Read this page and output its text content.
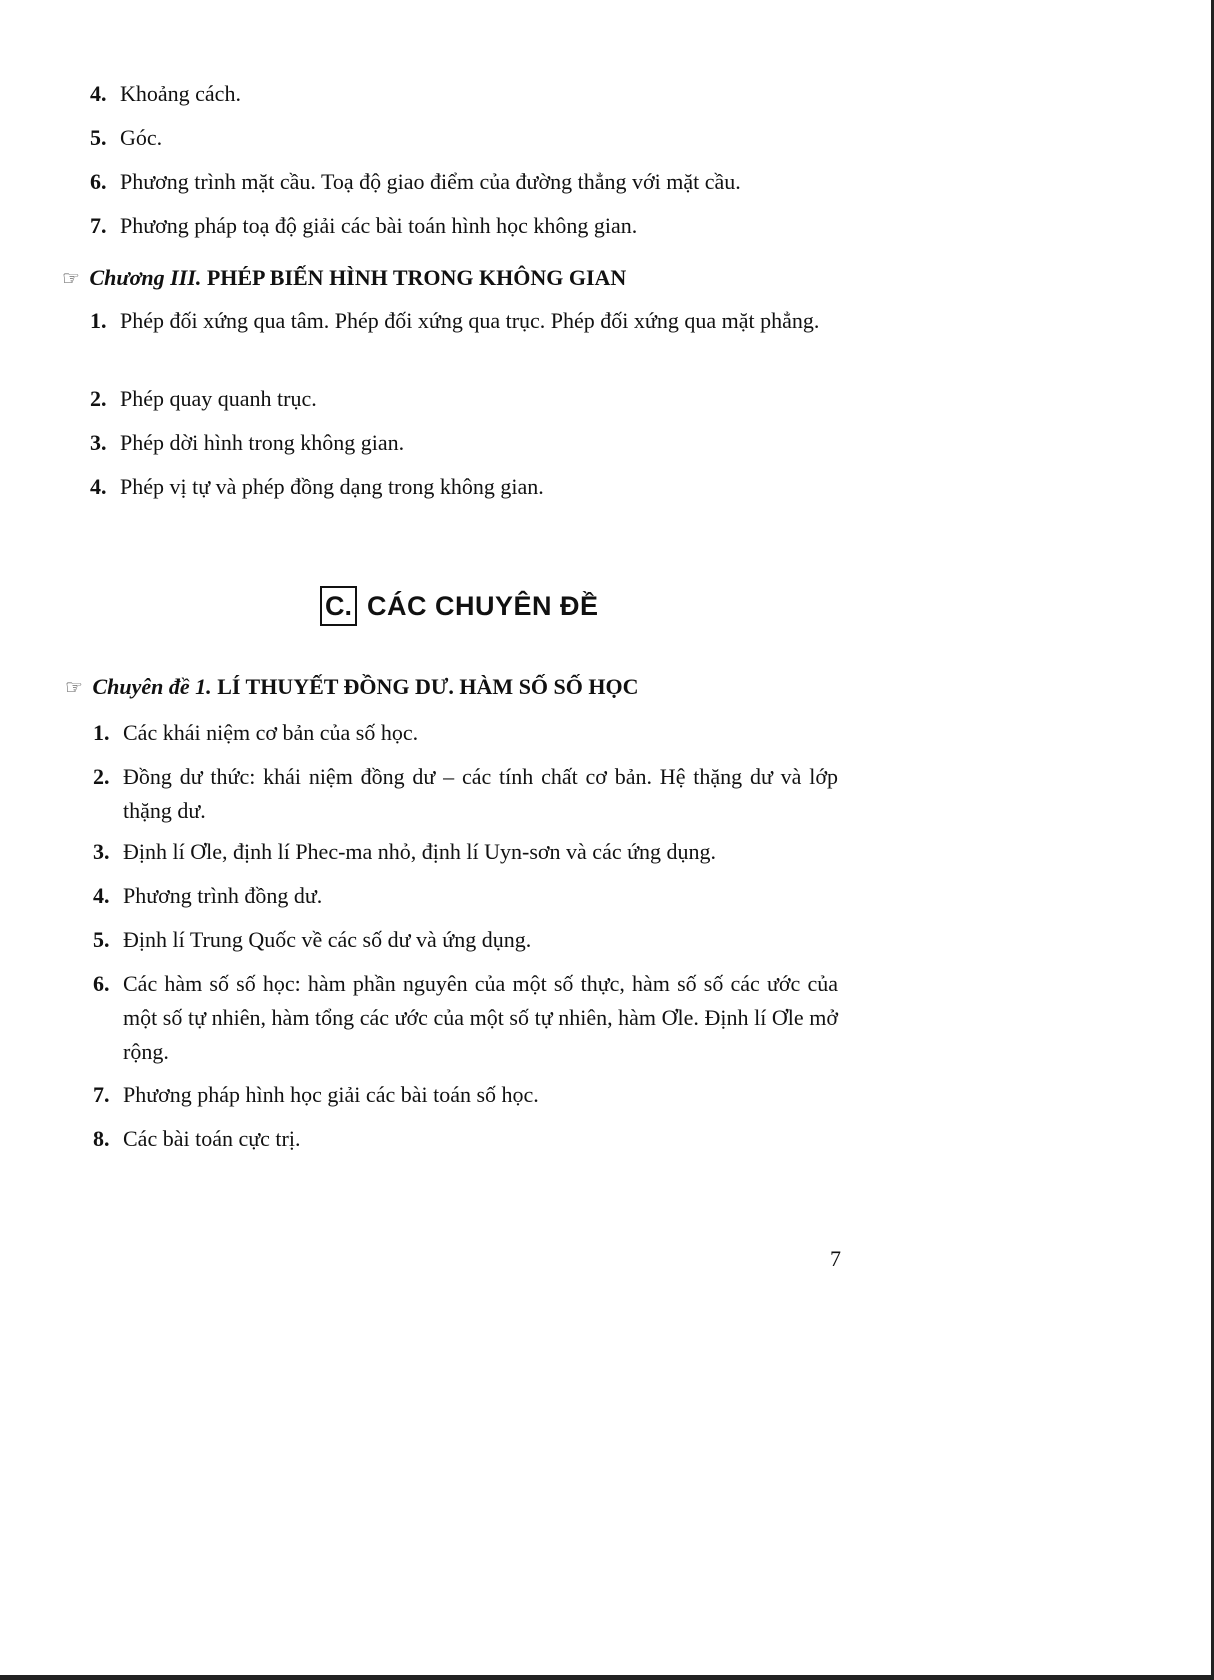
4. Khoảng cách.
5. Góc.
6. Phương trình mặt cầu. Toạ độ giao điểm của đường thẳng với mặt cầu.
7. Phương pháp toạ độ giải các bài toán hình học không gian.
☞ Chương III. PHÉP BIẾN HÌNH TRONG KHÔNG GIAN
1. Phép đối xứng qua tâm. Phép đối xứng qua trục. Phép đối xứng qua mặt phẳng.
2. Phép quay quanh trục.
3. Phép dời hình trong không gian.
4. Phép vị tự và phép đồng dạng trong không gian.
C. CÁC CHUYÊN ĐỀ
☞ Chuyên đề 1. LÍ THUYẾT ĐỒNG DƯ. HÀM SỐ SỐ HỌC
1. Các khái niệm cơ bản của số học.
2. Đồng dư thức: khái niệm đồng dư – các tính chất cơ bản. Hệ thặng dư và lớp thặng dư.
3. Định lí Ơle, định lí Phec-ma nhỏ, định lí Uyn-sơn và các ứng dụng.
4. Phương trình đồng dư.
5. Định lí Trung Quốc về các số dư và ứng dụng.
6. Các hàm số số học: hàm phần nguyên của một số thực, hàm số số các ước của một số tự nhiên, hàm tổng các ước của một số tự nhiên, hàm Ơle. Định lí Ơle mở rộng.
7. Phương pháp hình học giải các bài toán số học.
8. Các bài toán cực trị.
7
